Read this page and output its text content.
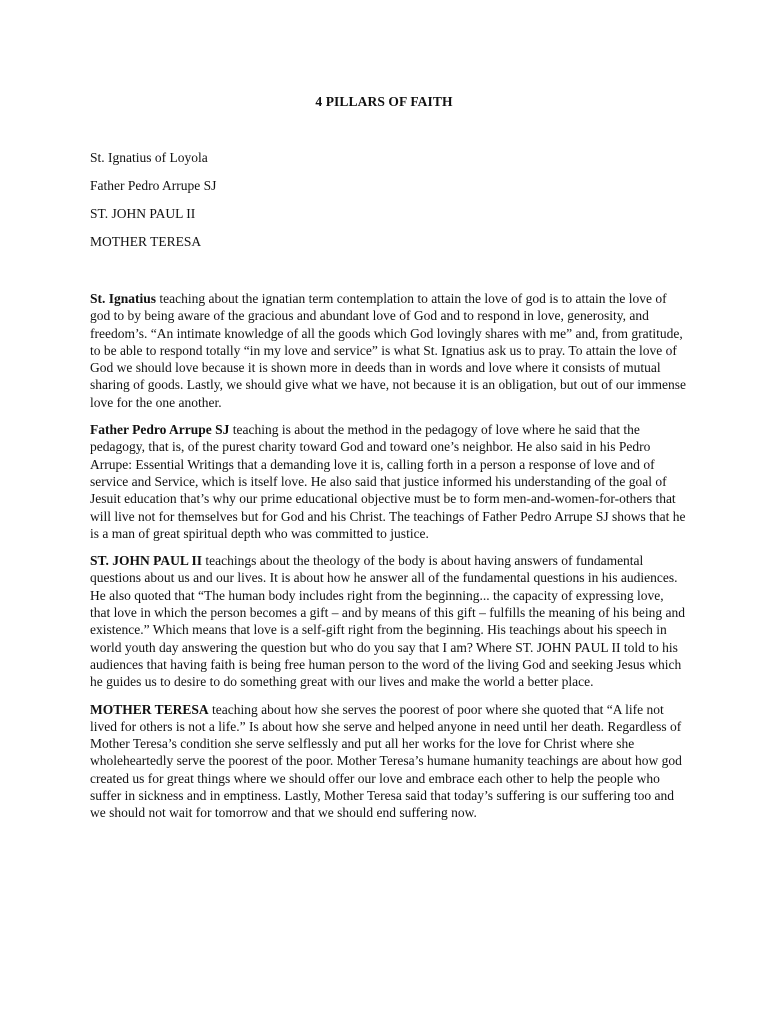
4 PILLARS OF FAITH
St. Ignatius of Loyola
Father Pedro Arrupe SJ
ST. JOHN PAUL II
MOTHER TERESA

St. Ignatius teaching about the ignatian term contemplation to attain the love of god is to attain the love of god to by being aware of the gracious and abundant love of God and to respond in love, generosity, and freedom’s. “An intimate knowledge of all the goods which God lovingly shares with me” and, from gratitude, to be able to respond totally “in my love and service” is what St. Ignatius ask us to pray. To attain the love of God we should love because it is shown more in deeds than in words and love where it consists of mutual sharing of goods. Lastly, we should give what we have, not because it is an obligation, but out of our immense love for the one another.

Father Pedro Arrupe SJ teaching is about the method in the pedagogy of love where he said that the pedagogy, that is, of the purest charity toward God and toward one’s neighbor. He also said in his Pedro Arrupe: Essential Writings that a demanding love it is, calling forth in a person a response of love and of service and Service, which is itself love. He also said that justice informed his understanding of the goal of Jesuit education that’s why our prime educational objective must be to form men-and-women-for-others that will live not for themselves but for God and his Christ. The teachings of Father Pedro Arrupe SJ shows that he is a man of great spiritual depth who was committed to justice.

ST. JOHN PAUL II teachings about the theology of the body is about having answers of fundamental questions about us and our lives. It is about how he answer all of the fundamental questions in his audiences. He also quoted that “The human body includes right from the beginning... the capacity of expressing love, that love in which the person becomes a gift – and by means of this gift – fulfills the meaning of his being and existence.” Which means that love is a self-gift right from the beginning. His teachings about his speech in world youth day answering the question but who do you say that I am? Where ST. JOHN PAUL II told to his audiences that having faith is being free human person to the word of the living God and seeking Jesus which he guides us to desire to do something great with our lives and make the world a better place.

MOTHER TERESA teaching about how she serves the poorest of poor where she quoted that “A life not lived for others is not a life.” Is about how she serve and helped anyone in need until her death. Regardless of Mother Teresa’s condition she serve selflessly and put all her works for the love for Christ where she wholeheartedly serve the poorest of the poor. Mother Teresa’s humane humanity teachings are about how god created us for great things where we should offer our love and embrace each other to help the people who suffer in sickness and in emptiness. Lastly, Mother Teresa said that today’s suffering is our suffering too and we should not wait for tomorrow and that we should end suffering now.
